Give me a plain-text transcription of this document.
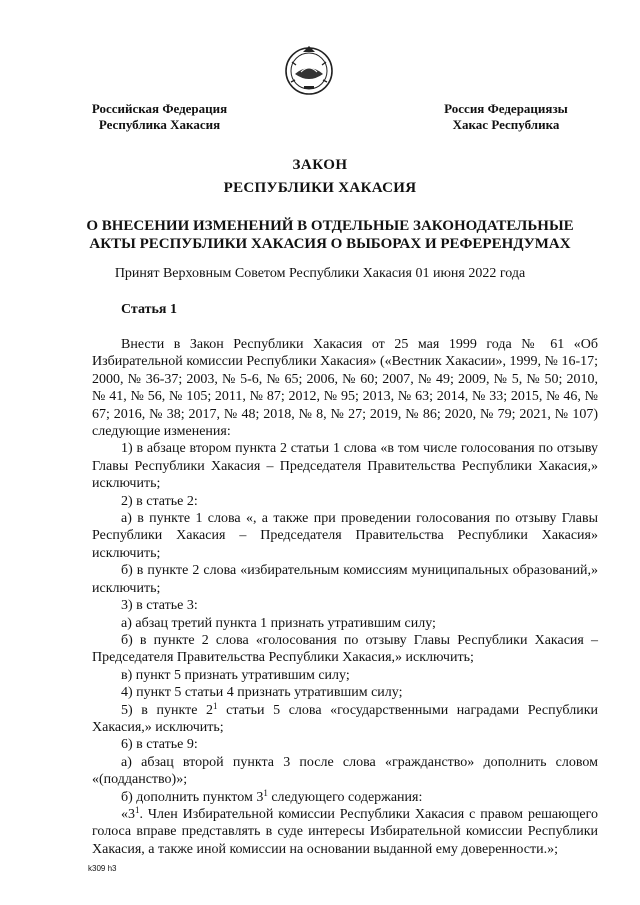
Российская Федерация
Республика Хакасия
Россия Федерациязы
Хакас Республика
ЗАКОН
РЕСПУБЛИКИ ХАКАСИЯ
О ВНЕСЕНИИ ИЗМЕНЕНИЙ В ОТДЕЛЬНЫЕ ЗАКОНОДАТЕЛЬНЫЕ АКТЫ РЕСПУБЛИКИ ХАКАСИЯ О ВЫБОРАХ И РЕФЕРЕНДУМАХ
Принят Верховным Советом Республики Хакасия 01 июня 2022 года
Статья 1

Внести в Закон Республики Хакасия от 25 мая 1999 года № 61 «Об Избирательной комиссии Республики Хакасия» («Вестник Хакасии», 1999, № 16-17; 2000, № 36-37; 2003, № 5-6, № 65; 2006, № 60; 2007, № 49; 2009, № 5, № 50; 2010, № 41, № 56, № 105; 2011, № 87; 2012, № 95; 2013, № 63; 2014, № 33; 2015, № 46, № 67; 2016, № 38; 2017, № 48; 2018, № 8, № 27; 2019, № 86; 2020, № 79; 2021, № 107) следующие изменения:

1) в абзаце втором пункта 2 статьи 1 слова «в том числе голосования по отзыву Главы Республики Хакасия – Председателя Правительства Республики Хакасия,» исключить;

2) в статье 2:

а) в пункте 1 слова «, а также при проведении голосования по отзыву Главы Республики Хакасия – Председателя Правительства Республики Хакасия» исключить;

б) в пункте 2 слова «избирательным комиссиям муниципальных образований,» исключить;

3) в статье 3:

а) абзац третий пункта 1 признать утратившим силу;

б) в пункте 2 слова «голосования по отзыву Главы Республики Хакасия – Председателя Правительства Республики Хакасия,» исключить;

в) пункт 5 признать утратившим силу;

4) пункт 5 статьи 4 признать утратившим силу;

5) в пункте $2^1$ статьи 5 слова «государственными наградами Республики Хакасия,» исключить;

6) в статье 9:

а) абзац второй пункта 3 после слова «гражданство» дополнить словом «(подданство)»;

б) дополнить пунктом $3^1$ следующего содержания:

«$3^1$. Член Избирательной комиссии Республики Хакасия с правом решающего голоса вправе представлять в суде интересы Избирательной комиссии Республики Хакасия, а также иной комиссии на основании выданной ему доверенности.»;

k309 h3
